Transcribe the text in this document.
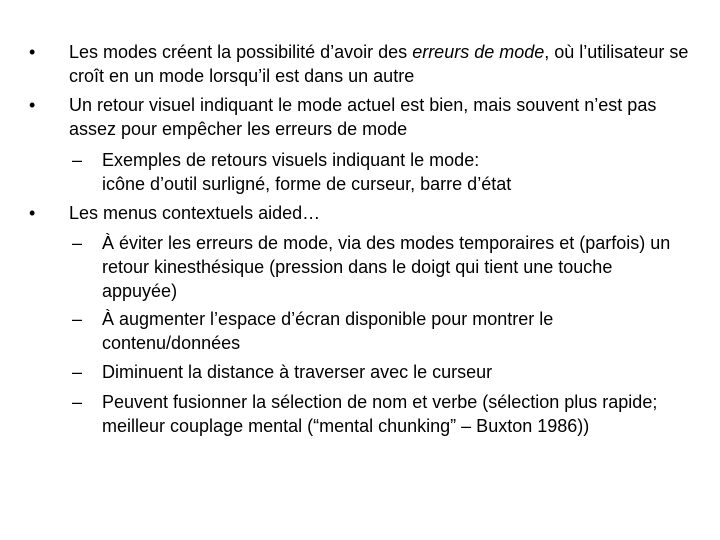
• Les modes créent la possibilité d’avoir des erreurs de mode, où l’utilisateur se croît en un mode lorsqu’il est dans un autre

• Un retour visuel indiquant le mode actuel est bien, mais souvent n’est pas assez pour empêcher les erreurs de mode

– Exemples de retours visuels indiquant le mode:
icône d’outil surligné, forme de curseur, barre d’état

• Les menus contextuels aided…

– À éviter les erreurs de mode, via des modes temporaires et (parfois) un retour kinesthésique (pression dans le doigt qui tient une touche appuyée)

– À augmenter l’espace d’écran disponible pour montrer le contenu/données

– Diminuent la distance à traverser avec le curseur

– Peuvent fusionner la sélection de nom et verbe (sélection plus rapide; meilleur couplage mental (“mental chunking” – Buxton 1986))
